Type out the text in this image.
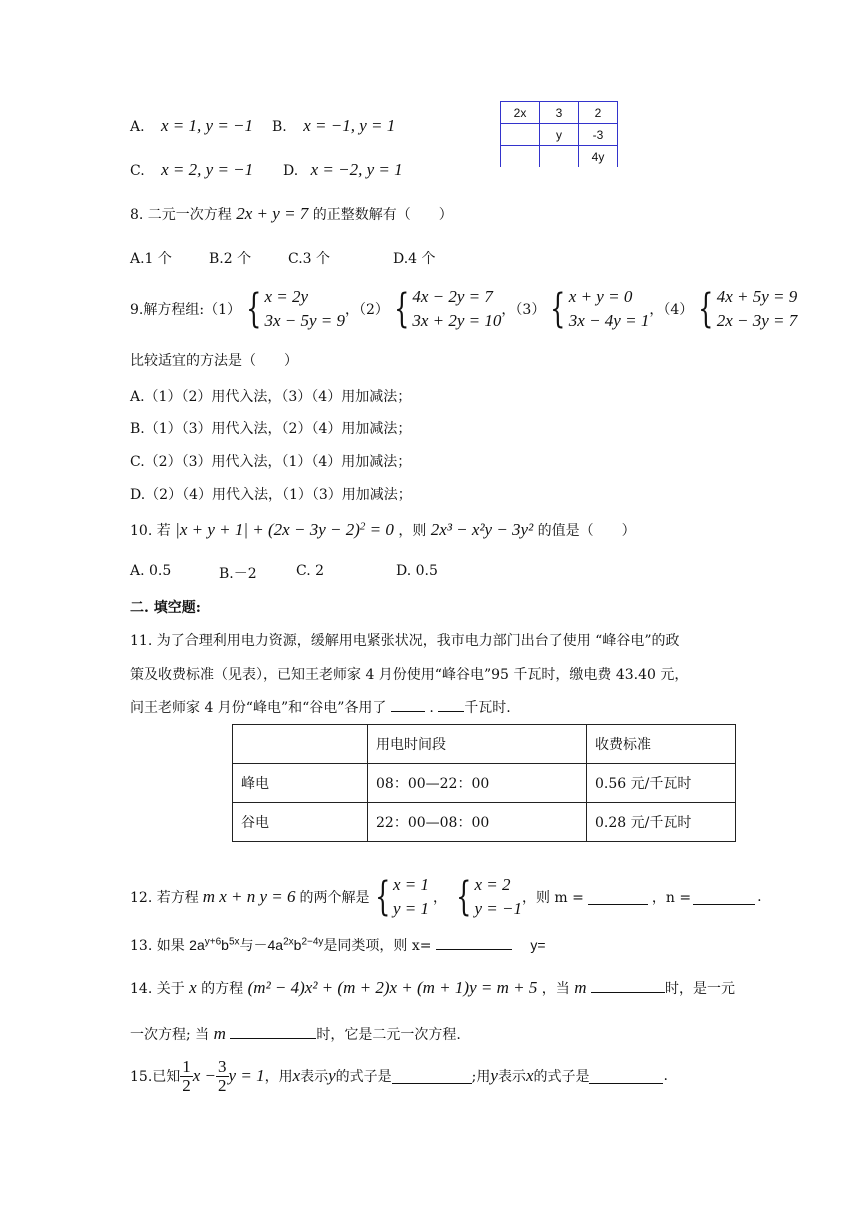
A. x = 1, y = −1 B. x = −1, y = 1
C. x = 2, y = −1 D. x = −2, y = 1
2x	3	2
	y	-3
		4y
8. 二元一次方程 2x + y = 7 的正整数解有（　　）
A.1 个	B.2 个	C.3 个	D.4 个
9.解方程组:（1） { x = 2y
3x − 5y = 9
，（2） { 4x − 2y = 7
3x + 2y = 10
，（3） { x + y = 0
3x − 4y = 1
，（4） { 4x + 5y = 9
2x − 3y = 7
比较适宜的方法是（　　）
A.（1）（2）用代入法，（3）（4）用加减法；
B.（1）（3）用代入法，（2）（4）用加减法；
C.（2）（3）用代入法，（1）（4）用加减法；
D.（2）（4）用代入法，（1）（3）用加减法；
10. 若 $|x + y + 1| + (2x - 3y - 2)^2 = 0$ ，则 2x³ − x²y − 3y² 的值是（　　）
A. 0.5	B.－2	C. 2	D. 0.5
二. 填空题:
11. 为了合理利用电力资源，缓解用电紧张状况，我市电力部门出台了使用 “峰谷电”的政
策及收费标准（见表），已知王老师家 4 月份使用“峰谷电”95 千瓦时，缴电费 43.40 元，
问王老师家 4 月份“峰电”和“谷电”各用了	. 千瓦时.
	用电时间段	收费标准
峰电	08：00—22：00	0.56 元/千瓦时
谷电	22：00—08：00	0.28 元/千瓦时
12. 若方程 m x + n y = 6 的两个解是 { x = 1
y = 1
， { x = 2
y = −1
，则 m =	，n =	.
13. 如果 $2a^{y+6}b^{5x}$与$-4a^{2x}b^{2-4y}$是同类项，则 x=	y=
14. 关于 x 的方程 (m² − 4)x² + (m + 2)x + (m + 1)y = m + 5 ，当 m	时，是一元
一次方程; 当 m	时，它是二元一次方程.
15.已知 $\frac{1}{2}$ $x - \frac{3}{2}$ y = 1 ，用 x 表示 y 的式子是	;用 y 表示 x 的式子是	.
